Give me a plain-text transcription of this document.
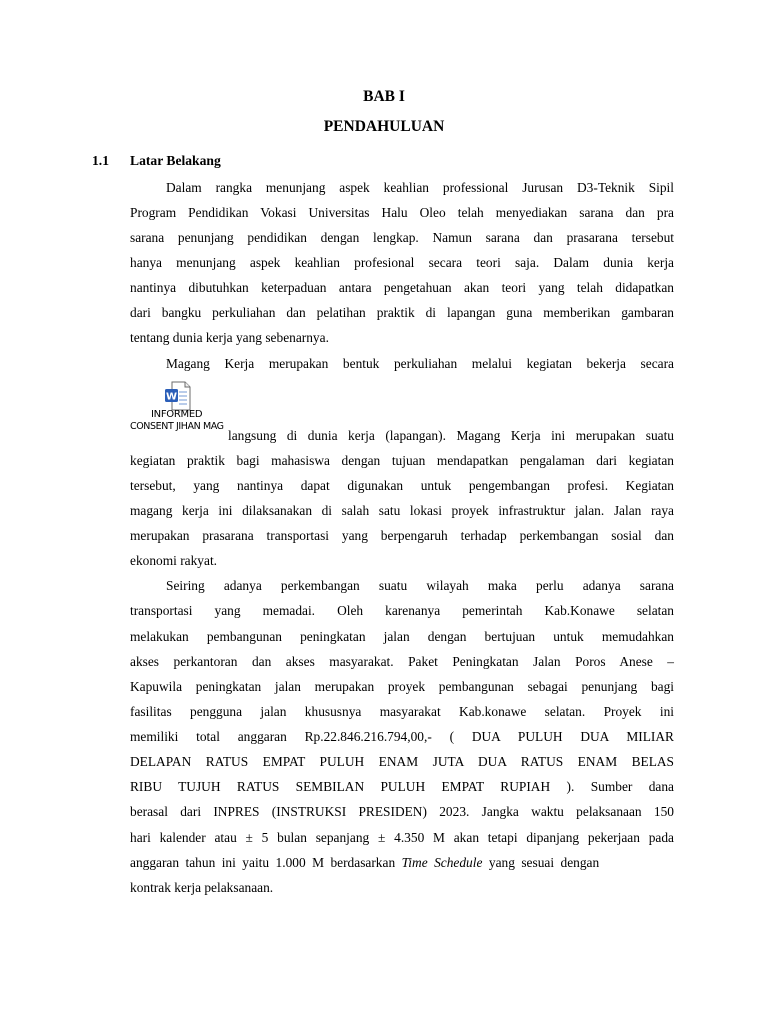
BAB I
PENDAHULUAN
1.1 Latar Belakang
Dalam rangka menunjang aspek keahlian professional Jurusan D3-Teknik Sipil
Program Pendidikan Vokasi Universitas Halu Oleo telah menyediakan sarana dan pra
sarana penunjang pendidikan dengan lengkap. Namun sarana dan prasarana tersebut
hanya menunjang aspek keahlian profesional secara teori saja. Dalam dunia kerja
nantinya dibutuhkan keterpaduan antara pengetahuan akan teori yang telah didapatkan
dari bangku perkuliahan dan pelatihan praktik di lapangan guna memberikan gambaran
tentang dunia kerja yang sebenarnya.
Magang Kerja merupakan bentuk perkuliahan melalui kegiatan bekerja secara
W
INFORMED
CONSENT JIHAN MAG
langsung di dunia kerja (lapangan). Magang Kerja ini merupakan suatu
kegiatan praktik bagi mahasiswa dengan tujuan mendapatkan pengalaman dari kegiatan
tersebut, yang nantinya dapat digunakan untuk pengembangan profesi. Kegiatan
magang kerja ini dilaksanakan di salah satu lokasi proyek infrastruktur jalan. Jalan raya
merupakan prasarana transportasi yang berpengaruh terhadap perkembangan sosial dan
ekonomi rakyat.
Seiring adanya perkembangan suatu wilayah maka perlu adanya sarana
transportasi yang memadai. Oleh karenanya pemerintah Kab.Konawe selatan
melakukan pembangunan peningkatan jalan dengan bertujuan untuk memudahkan
akses perkantoran dan akses masyarakat. Paket Peningkatan Jalan Poros Anese –
Kapuwila peningkatan jalan merupakan proyek pembangunan sebagai penunjang bagi
fasilitas pengguna jalan khususnya masyarakat Kab.konawe selatan. Proyek ini
memiliki total anggaran Rp.22.846.216.794,00,- ( DUA PULUH DUA MILIAR
DELAPAN RATUS EMPAT PULUH ENAM JUTA DUA RATUS ENAM BELAS
RIBU TUJUH RATUS SEMBILAN PULUH EMPAT RUPIAH ). Sumber dana
berasal dari INPRES (INSTRUKSI PRESIDEN) 2023. Jangka waktu pelaksanaan 150
hari kalender atau ± 5 bulan sepanjang ± 4.350 M akan tetapi dipanjang pekerjaan pada
anggaran tahun ini yaitu 1.000 M berdasarkan Time Schedule yang sesuai dengan
kontrak kerja pelaksanaan.
